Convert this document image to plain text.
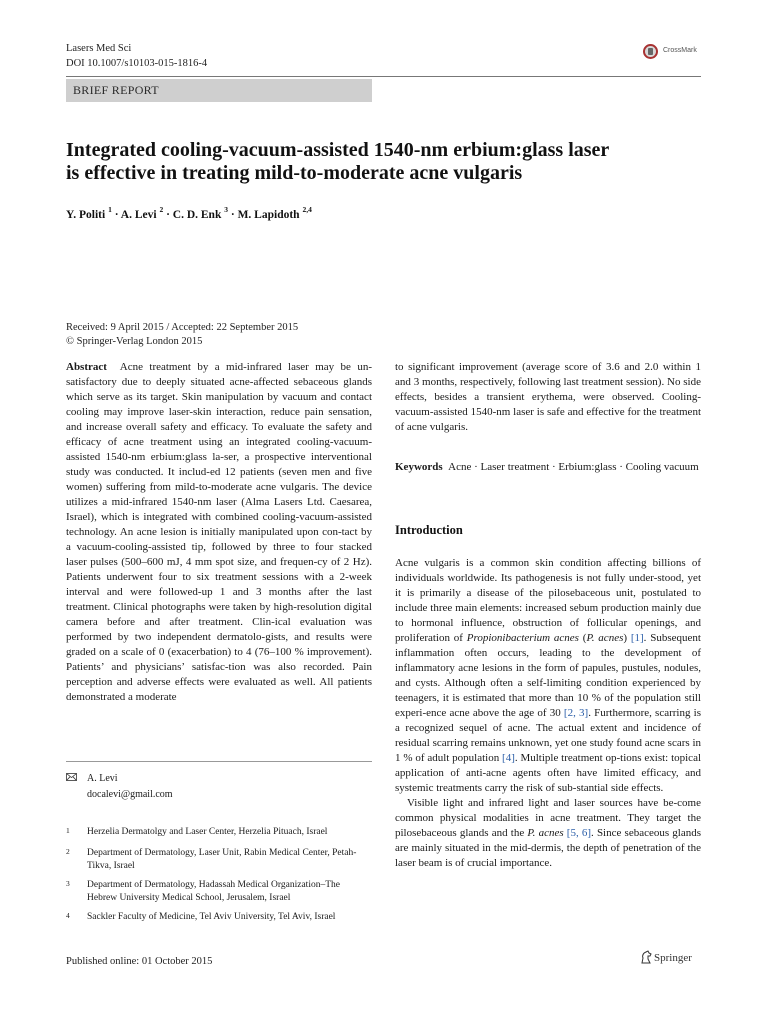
Lasers Med Sci
DOI 10.1007/s10103-015-1816-4
CrossMark
BRIEF REPORT
Integrated cooling-vacuum-assisted 1540-nm erbium:glass laser
is effective in treating mild-to-moderate acne vulgaris
Y. Politi $^1$ · A. Levi $^2$ · C. D. Enk $^3$ · M. Lapidoth $^{2,4}$
Received: 9 April 2015 / Accepted: 22 September 2015
© Springer-Verlag London 2015
Abstract Acne treatment by a mid-infrared laser may be un-satisfactory due to deeply situated acne-affected sebaceous glands which serve as its target. Skin manipulation by vacuum and contact cooling may improve laser-skin interaction, reduce pain sensation, and increase overall safety and efficacy. To evaluate the safety and efficacy of acne treatment using an integrated cooling-vacuum-assisted 1540-nm erbium:glass la-ser, a prospective interventional study was conducted. It includ-ed 12 patients (seven men and five women) suffering from mild-to-moderate acne vulgaris. The device utilizes a mid-infrared 1540-nm laser (Alma Lasers Ltd. Caesarea, Israel), which is integrated with combined cooling-vacuum-assisted technology. An acne lesion is initially manipulated upon con-tact by a vacuum-cooling-assisted tip, followed by three to four stacked laser pulses (500–600 mJ, 4 mm spot size, and frequen-cy of 2 Hz). Patients underwent four to six treatment sessions with a 2-week interval and were followed-up 1 and 3 months after the last treatment. Clinical photographs were taken by high-resolution digital camera before and after treatment. Clin-ical evaluation was performed by two independent dermatolo-gists, and results were graded on a scale of 0 (exacerbation) to 4 (76–100 % improvement). Patients’ and physicians’ satisfac-tion was also recorded. Pain perception and adverse effects were evaluated as well. All patients demonstrated a moderate
to significant improvement (average score of 3.6 and 2.0 within 1 and 3 months, respectively, following last treatment session). No side effects, besides a transient erythema, were observed. Cooling-vacuum-assisted 1540-nm laser is safe and effective for the treatment of acne vulgaris.
Keywords Acne · Laser treatment · Erbium:glass · Cooling vacuum
Introduction
Acne vulgaris is a common skin condition affecting billions of individuals worldwide. Its pathogenesis is not fully under-stood, yet it is primarily a disease of the pilosebaceous unit, postulated to include three main elements: increased sebum production mainly due to hormonal influence, obstruction of follicular openings, and proliferation of Propionibacterium acnes (P. acnes) [1]. Subsequent inflammation often occurs, leading to the development of inflammatory acne lesions in the form of papules, pustules, nodules, and cysts. Although often a self-limiting condition experienced by teenagers, it is estimated that more than 10 % of the population still experi-ence acne above the age of 30 [2, 3]. Furthermore, scarring is a recognized sequel of acne. The actual extent and incidence of residual scarring remains unknown, yet one study found acne scars in 1 % of adult population [4]. Multiple treatment op-tions exist: topical application of anti-acne agents often have limited efficacy, and systemic treatments carry the risk of sub-stantial side effects.
Visible light and infrared light and laser sources have be-come common physical modalities in acne treatment. They target the pilosebaceous glands and the P. acnes [5, 6]. Since sebaceous glands are mainly situated in the mid-dermis, the depth of penetration of the laser beam is of crucial importance.
A. Levi
docalevi@gmail.com
1 Herzelia Dermatolgy and Laser Center, Herzelia Pituach, Israel
2 Department of Dermatology, Laser Unit, Rabin Medical Center, Petah-Tikva, Israel
3 Department of Dermatology, Hadassah Medical Organization–The Hebrew University Medical School, Jerusalem, Israel
4 Sackler Faculty of Medicine, Tel Aviv University, Tel Aviv, Israel
Published online: 01 October 2015	Springer
